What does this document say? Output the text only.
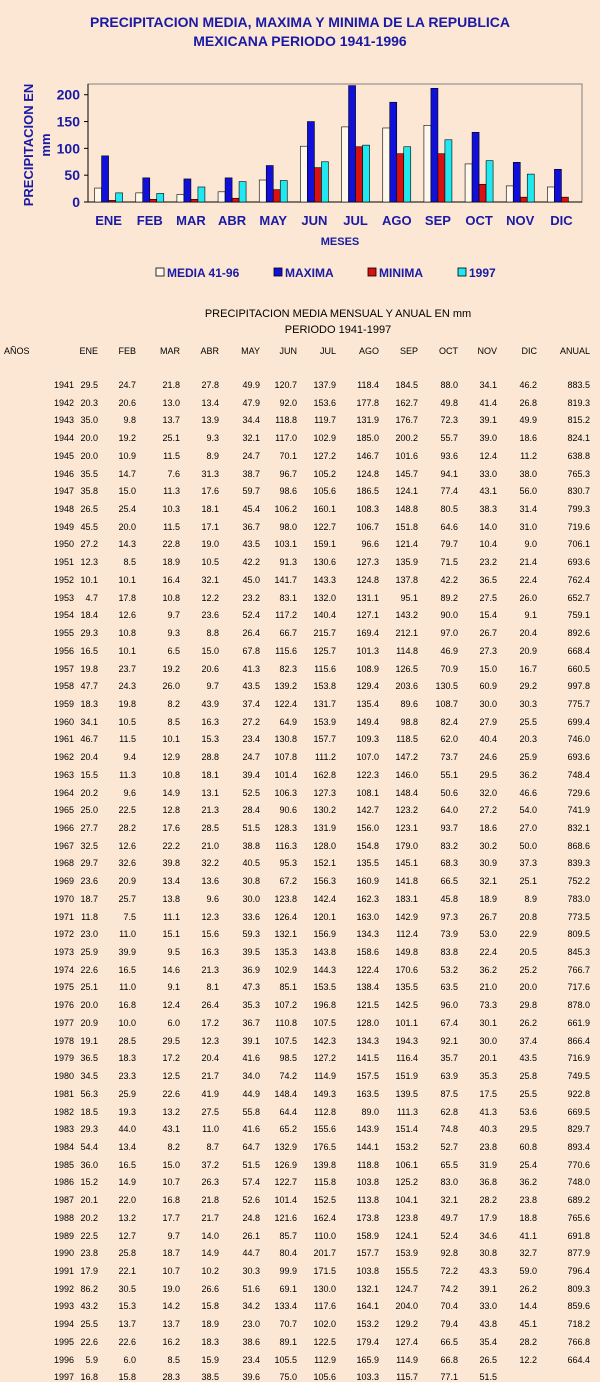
PRECIPITACION MEDIA, MAXIMA Y MINIMA DE LA REPUBLICA
MEXICANA PERIODO 1941-1996
0
50
100
150
200
PRECIPITACION EN mm
ENE FEB MAR ABR MAY JUN JUL AGO SEP OCT NOV DIC
MESES
MEDIA 41-96	MAXIMA	MINIMA	1997
PRECIPITACION MEDIA MENSUAL Y ANUAL EN mm
PERIODO 1941-1997
AÑOS	ENE	FEB	MAR	ABR	MAY	JUN	JUL	AGO	SEP	OCT	NOV	DIC	ANUAL
1941 29.5	24.7	21.8	27.8	49.9	120.7	137.9	118.4	184.5	88.0	34.1	46.2	883.5
1942 20.3	20.6	13.0	13.4	47.9	92.0	153.6	177.8	162.7	49.8	41.4	26.8	819.3
1943 35.0	9.8	13.7	13.9	34.4	118.8	119.7	131.9	176.7	72.3	39.1	49.9	815.2
1944 20.0	19.2	25.1	9.3	32.1	117.0	102.9	185.0	200.2	55.7	39.0	18.6	824.1
1945 20.0	10.9	11.5	8.9	24.7	70.1	127.2	146.7	101.6	93.6	12.4	11.2	638.8
1946 35.5	14.7	7.6	31.3	38.7	96.7	105.2	124.8	145.7	94.1	33.0	38.0	765.3
1947 35.8	15.0	11.3	17.6	59.7	98.6	105.6	186.5	124.1	77.4	43.1	56.0	830.7
1948 26.5	25.4	10.3	18.1	45.4	106.2	160.1	108.3	148.8	80.5	38.3	31.4	799.3
1949 45.5	20.0	11.5	17.1	36.7	98.0	122.7	106.7	151.8	64.6	14.0	31.0	719.6
1950 27.2	14.3	22.8	19.0	43.5	103.1	159.1	96.6	121.4	79.7	10.4	9.0	706.1
1951 12.3	8.5	18.9	10.5	42.2	91.3	130.6	127.3	135.9	71.5	23.2	21.4	693.6
1952 10.1	10.1	16.4	32.1	45.0	141.7	143.3	124.8	137.8	42.2	36.5	22.4	762.4
1953	4.7	17.8	10.8	12.2	23.2	83.1	132.0	131.1	95.1	89.2	27.5	26.0	652.7
1954 18.4	12.6	9.7	23.6	52.4	117.2	140.4	127.1	143.2	90.0	15.4	9.1	759.1
1955 29.3	10.8	9.3	8.8	26.4	66.7	215.7	169.4	212.1	97.0	26.7	20.4	892.6
1956 16.5	10.1	6.5	15.0	67.8	115.6	125.7	101.3	114.8	46.9	27.3	20.9	668.4
1957 19.8	23.7	19.2	20.6	41.3	82.3	115.6	108.9	126.5	70.9	15.0	16.7	660.5
1958 47.7	24.3	26.0	9.7	43.5	139.2	153.8	129.4	203.6	130.5	60.9	29.2	997.8
1959 18.3	19.8	8.2	43.9	37.4	122.4	131.7	135.4	89.6	108.7	30.0	30.3	775.7
1960 34.1	10.5	8.5	16.3	27.2	64.9	153.9	149.4	98.8	82.4	27.9	25.5	699.4
1961 46.7	11.5	10.1	15.3	23.4	130.8	157.7	109.3	118.5	62.0	40.4	20.3	746.0
1962 20.4	9.4	12.9	28.8	24.7	107.8	111.2	107.0	147.2	73.7	24.6	25.9	693.6
1963 15.5	11.3	10.8	18.1	39.4	101.4	162.8	122.3	146.0	55.1	29.5	36.2	748.4
1964 20.2	9.6	14.9	13.1	52.5	106.3	127.3	108.1	148.4	50.6	32.0	46.6	729.6
1965 25.0	22.5	12.8	21.3	28.4	90.6	130.2	142.7	123.2	64.0	27.2	54.0	741.9
1966 27.7	28.2	17.6	28.5	51.5	128.3	131.9	156.0	123.1	93.7	18.6	27.0	832.1
1967 32.5	12.6	22.2	21.0	38.8	116.3	128.0	154.8	179.0	83.2	30.2	50.0	868.6
1968 29.7	32.6	39.8	32.2	40.5	95.3	152.1	135.5	145.1	68.3	30.9	37.3	839.3
1969 23.6	20.9	13.4	13.6	30.8	67.2	156.3	160.9	141.8	66.5	32.1	25.1	752.2
1970 18.7	25.7	13.8	9.6	30.0	123.8	142.4	162.3	183.1	45.8	18.9	8.9	783.0
1971 11.8	7.5	11.1	12.3	33.6	126.4	120.1	163.0	142.9	97.3	26.7	20.8	773.5
1972 23.0	11.0	15.1	15.6	59.3	132.1	156.9	134.3	112.4	73.9	53.0	22.9	809.5
1973 25.9	39.9	9.5	16.3	39.5	135.3	143.8	158.6	149.8	83.8	22.4	20.5	845.3
1974 22.6	16.5	14.6	21.3	36.9	102.9	144.3	122.4	170.6	53.2	36.2	25.2	766.7
1975 25.1	11.0	9.1	8.1	47.3	85.1	153.5	138.4	135.5	63.5	21.0	20.0	717.6
1976 20.0	16.8	12.4	26.4	35.3	107.2	196.8	121.5	142.5	96.0	73.3	29.8	878.0
1977 20.9	10.0	6.0	17.2	36.7	110.8	107.5	128.0	101.1	67.4	30.1	26.2	661.9
1978 19.1	28.5	29.5	12.3	39.1	107.5	142.3	134.3	194.3	92.1	30.0	37.4	866.4
1979 36.5	18.3	17.2	20.4	41.6	98.5	127.2	141.5	116.4	35.7	20.1	43.5	716.9
1980 34.5	23.3	12.5	21.7	34.0	74.2	114.9	157.5	151.9	63.9	35.3	25.8	749.5
1981 56.3	25.9	22.6	41.9	44.9	148.4	149.3	163.5	139.5	87.5	17.5	25.5	922.8
1982 18.5	19.3	13.2	27.5	55.8	64.4	112.8	89.0	111.3	62.8	41.3	53.6	669.5
1983 29.3	44.0	43.1	11.0	41.6	65.2	155.6	143.9	151.4	74.8	40.3	29.5	829.7
1984 54.4	13.4	8.2	8.7	64.7	132.9	176.5	144.1	153.2	52.7	23.8	60.8	893.4
1985 36.0	16.5	15.0	37.2	51.5	126.9	139.8	118.8	106.1	65.5	31.9	25.4	770.6
1986 15.2	14.9	10.7	26.3	57.4	122.7	115.8	103.8	125.2	83.0	36.8	36.2	748.0
1987 20.1	22.0	16.8	21.8	52.6	101.4	152.5	113.8	104.1	32.1	28.2	23.8	689.2
1988 20.2	13.2	17.7	21.7	24.8	121.6	162.4	173.8	123.8	49.7	17.9	18.8	765.6
1989 22.5	12.7	9.7	14.0	26.1	85.7	110.0	158.9	124.1	52.4	34.6	41.1	691.8
1990 23.8	25.8	18.7	14.9	44.7	80.4	201.7	157.7	153.9	92.8	30.8	32.7	877.9
1991 17.9	22.1	10.7	10.2	30.3	99.9	171.5	103.8	155.5	72.2	43.3	59.0	796.4
1992 86.2	30.5	19.0	26.6	51.6	69.1	130.0	132.1	124.7	74.2	39.1	26.2	809.3
1993 43.2	15.3	14.2	15.8	34.2	133.4	117.6	164.1	204.0	70.4	33.0	14.4	859.6
1994 25.5	13.7	13.7	18.9	23.0	70.7	102.0	153.2	129.2	79.4	43.8	45.1	718.2
1995 22.6	22.6	16.2	18.3	38.6	89.1	122.5	179.4	127.4	66.5	35.4	28.2	766.8
1996	5.9	6.0	8.5	15.9	23.4	105.5	112.9	165.9	114.9	66.8	26.5	12.2	664.4
1997 16.8	15.8	28.3	38.5	39.6	75.0	105.6	103.3	115.7	77.1	51.5
